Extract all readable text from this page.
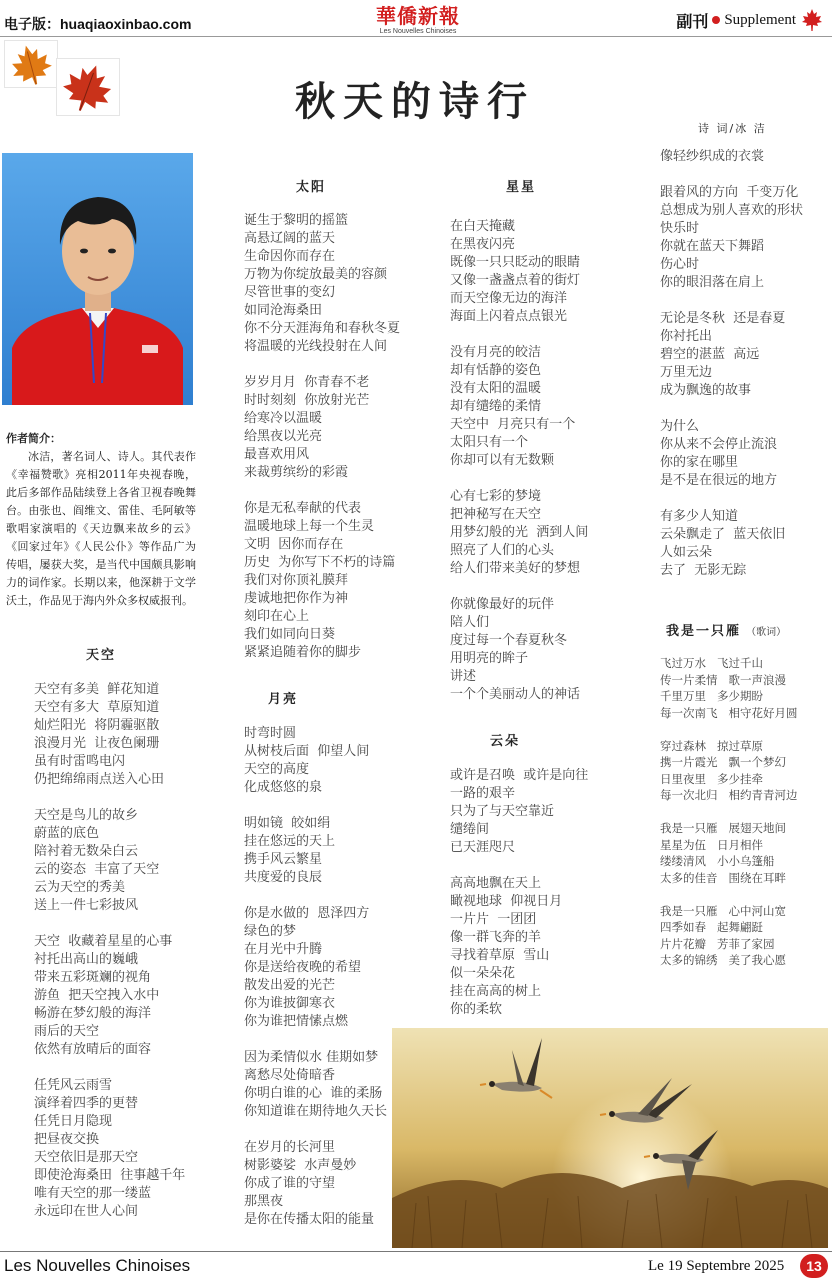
电子版：huaqiaoxinbao.com	華僑新報
Les Nouvelles Chinoises
副刊 Supplement
秋天的诗行
诗 词/冰 洁
作者简介：
冰洁，著名词人、诗人。其代表作《幸福赞歌》亮相2011年央视春晚，此后多部作品陆续登上各省卫视春晚舞台。由张也、阎维文、雷佳、毛阿敏等歌唱家演唱的《天边飘来故乡的云》《回家过年》《人民公仆》等作品广为传唱，屡获大奖，是当代中国颇具影响力的词作家。长期以来，他深耕于文学沃土，作品见于海内外众多权威报刊。
天空
天空有多美  鲜花知道
天空有多大  草原知道
灿烂阳光  将阴霾驱散
浪漫月光  让夜色阑珊
虽有时雷鸣电闪
仍把绵绵雨点送入心田

天空是鸟儿的故乡
蔚蓝的底色
陪衬着无数朵白云
云的姿态  丰富了天空
云为天空的秀美
送上一件七彩披风

天空  收藏着星星的心事
衬托出高山的巍峨
带来五彩斑斓的视角
游鱼  把天空拽入水中
畅游在梦幻般的海洋
雨后的天空
依然有放晴后的面容

任凭风云雨雪
演绎着四季的更替
任凭日月隐现
把昼夜交换
天空依旧是那天空
即使沧海桑田  往事越千年
唯有天空的那一缕蓝
永远印在世人心间
太阳
诞生于黎明的摇篮
高悬辽阔的蓝天
生命因你而存在
万物为你绽放最美的容颜
尽管世事的变幻
如同沧海桑田
你不分天涯海角和春秋冬夏
将温暖的光线投射在人间

岁岁月月  你青春不老
时时刻刻  你放射光芒
给寒冷以温暖
给黑夜以光亮
最喜欢用风
来裁剪缤纷的彩霞

你是无私奉献的代表
温暖地球上每一个生灵
文明  因你而存在
历史  为你写下不朽的诗篇
我们对你顶礼膜拜
虔诚地把你作为神
刻印在心上
我们如同向日葵
紧紧追随着你的脚步
月亮
时弯时圆
从树枝后面  仰望人间
天空的高度
化成悠悠的泉

明如镜  皎如绢
挂在悠远的天上
携手风云繁星
共度爱的良辰

你是水做的  恩泽四方
绿色的梦
在月光中升腾
你是送给夜晚的希望
散发出爱的光芒
你为谁披御寒衣
你为谁把情愫点燃

因为柔情似水 佳期如梦
离愁尽处倚暗香
你明白谁的心  谁的柔肠
你知道谁在期待地久天长

在岁月的长河里
树影婆娑  水声曼妙
你成了谁的守望
那黑夜
是你在传播太阳的能量
星星
在白天掩藏
在黑夜闪亮
既像一只只眨动的眼睛
又像一盏盏点着的街灯
而天空像无边的海洋
海面上闪着点点银光

没有月亮的皎洁
却有恬静的姿色
没有太阳的温暖
却有缱绻的柔情
天空中  月亮只有一个
太阳只有一个
你却可以有无数颗

心有七彩的梦境
把神秘写在天空
用梦幻般的光  洒到人间
照亮了人们的心头
给人们带来美好的梦想

你就像最好的玩伴
陪人们
度过每一个春夏秋冬
用明亮的眸子
讲述
一个个美丽动人的神话
云朵
或许是召唤  或许是向往
一路的艰辛
只为了与天空靠近
缱绻间
已天涯咫尺

高高地飘在天上
瞰视地球  仰视日月
一片片  一团团
像一群飞奔的羊
寻找着草原  雪山
似一朵朵花
挂在高高的树上
你的柔软
像轻纱织成的衣裳

跟着风的方向  千变万化
总想成为别人喜欢的形状
快乐时
你就在蓝天下舞蹈
伤心时
你的眼泪落在肩上

无论是冬秋  还是春夏
你衬托出
碧空的湛蓝  高远
万里无边
成为飘逸的故事

为什么
你从来不会停止流浪
你的家在哪里
是不是在很远的地方

有多少人知道
云朵飘走了  蓝天依旧
人如云朵
去了  无影无踪
我是一只雁 （歌词）
飞过万水   飞过千山
传一片柔情   歌一声浪漫
千里万里   多少期盼
每一次南飞   相守花好月圆

穿过森林   掠过草原
携一片霞光   飘一个梦幻
日里夜里   多少挂牵
每一次北归   相约青青河边

我是一只雁   展翅天地间
星星为伍   日月相伴
缕缕清风   小小乌篷船
太多的佳音   围绕在耳畔

我是一只雁   心中河山宽
四季如春   起舞翩跹
片片花瓣   芳菲了家园
太多的锦绣   美了我心愿
Les Nouvelles Chinoises	Le 19 Septembre 2025	13
